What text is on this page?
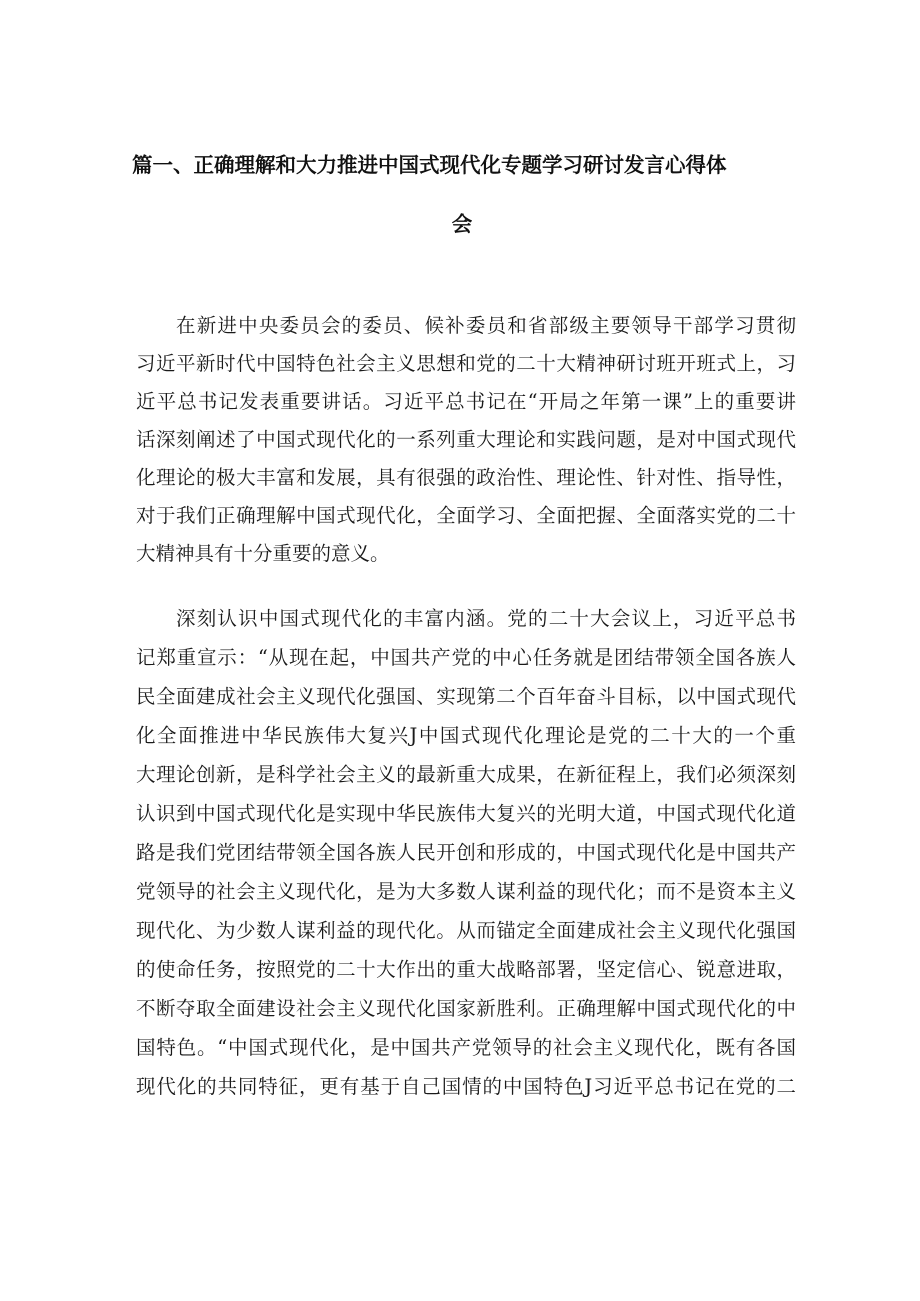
篇一、正确理解和大力推进中国式现代化专题学习研讨发言心得体
会
在新进中央委员会的委员、候补委员和省部级主要领导干部学习贯彻
习近平新时代中国特色社会主义思想和党的二十大精神研讨班开班式上，习
近平总书记发表重要讲话。习近平总书记在“开局之年第一课”上的重要讲
话深刻阐述了中国式现代化的一系列重大理论和实践问题，是对中国式现代
化理论的极大丰富和发展，具有很强的政治性、理论性、针对性、指导性，
对于我们正确理解中国式现代化，全面学习、全面把握、全面落实党的二十
大精神具有十分重要的意义。
深刻认识中国式现代化的丰富内涵。党的二十大会议上，习近平总书
记郑重宣示：“从现在起，中国共产党的中心任务就是团结带领全国各族人
民全面建成社会主义现代化强国、实现第二个百年奋斗目标，以中国式现代
化全面推进中华民族伟大复兴J中国式现代化理论是党的二十大的一个重
大理论创新，是科学社会主义的最新重大成果，在新征程上，我们必须深刻
认识到中国式现代化是实现中华民族伟大复兴的光明大道，中国式现代化道
路是我们党团结带领全国各族人民开创和形成的，中国式现代化是中国共产
党领导的社会主义现代化，是为大多数人谋利益的现代化；而不是资本主义
现代化、为少数人谋利益的现代化。从而锚定全面建成社会主义现代化强国
的使命任务，按照党的二十大作出的重大战略部署，坚定信心、锐意进取，
不断夺取全面建设社会主义现代化国家新胜利。正确理解中国式现代化的中
国特色。“中国式现代化，是中国共产党领导的社会主义现代化，既有各国
现代化的共同特征，更有基于自己国情的中国特色J习近平总书记在党的二
